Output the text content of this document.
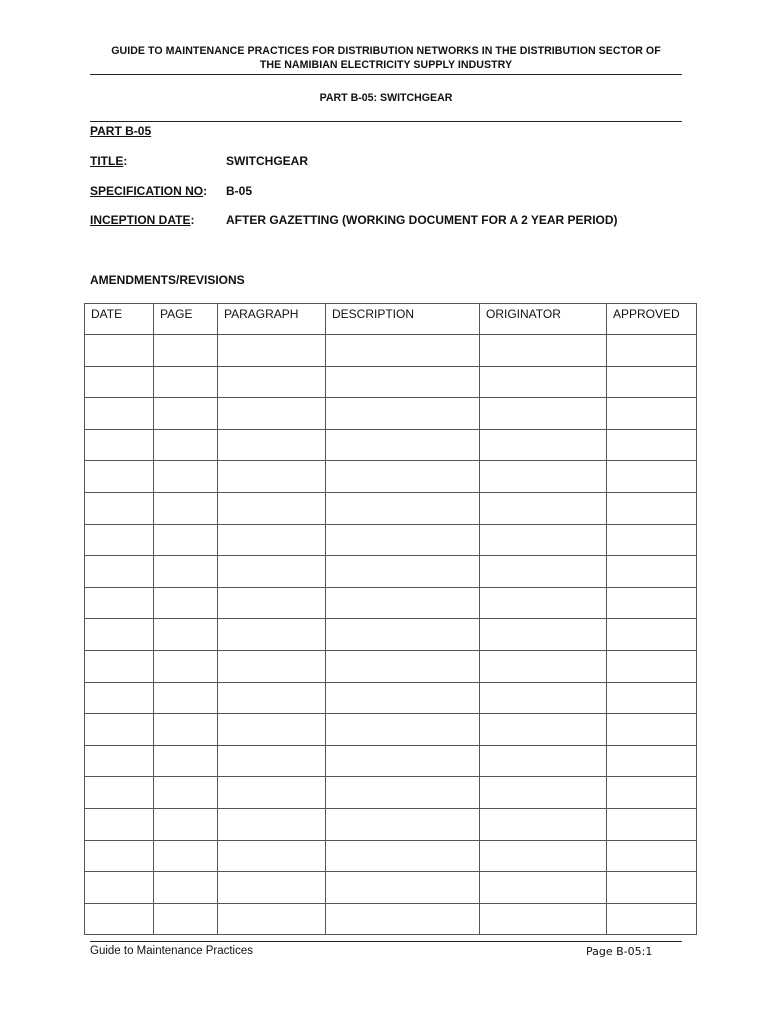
GUIDE TO MAINTENANCE PRACTICES FOR DISTRIBUTION NETWORKS IN THE DISTRIBUTION SECTOR OF
THE NAMIBIAN ELECTRICITY SUPPLY INDUSTRY
PART B-05: SWITCHGEAR
PART B-05
TITLE:	SWITCHGEAR
SPECIFICATION NO: B-05
INCEPTION DATE:	AFTER GAZETTING (WORKING DOCUMENT FOR A 2 YEAR PERIOD)
AMENDMENTS/REVISIONS
DATE	PAGE	PARAGRAPH	DESCRIPTION	ORIGINATOR	APPROVED

Guide to Maintenance Practices	Page B-05:1
